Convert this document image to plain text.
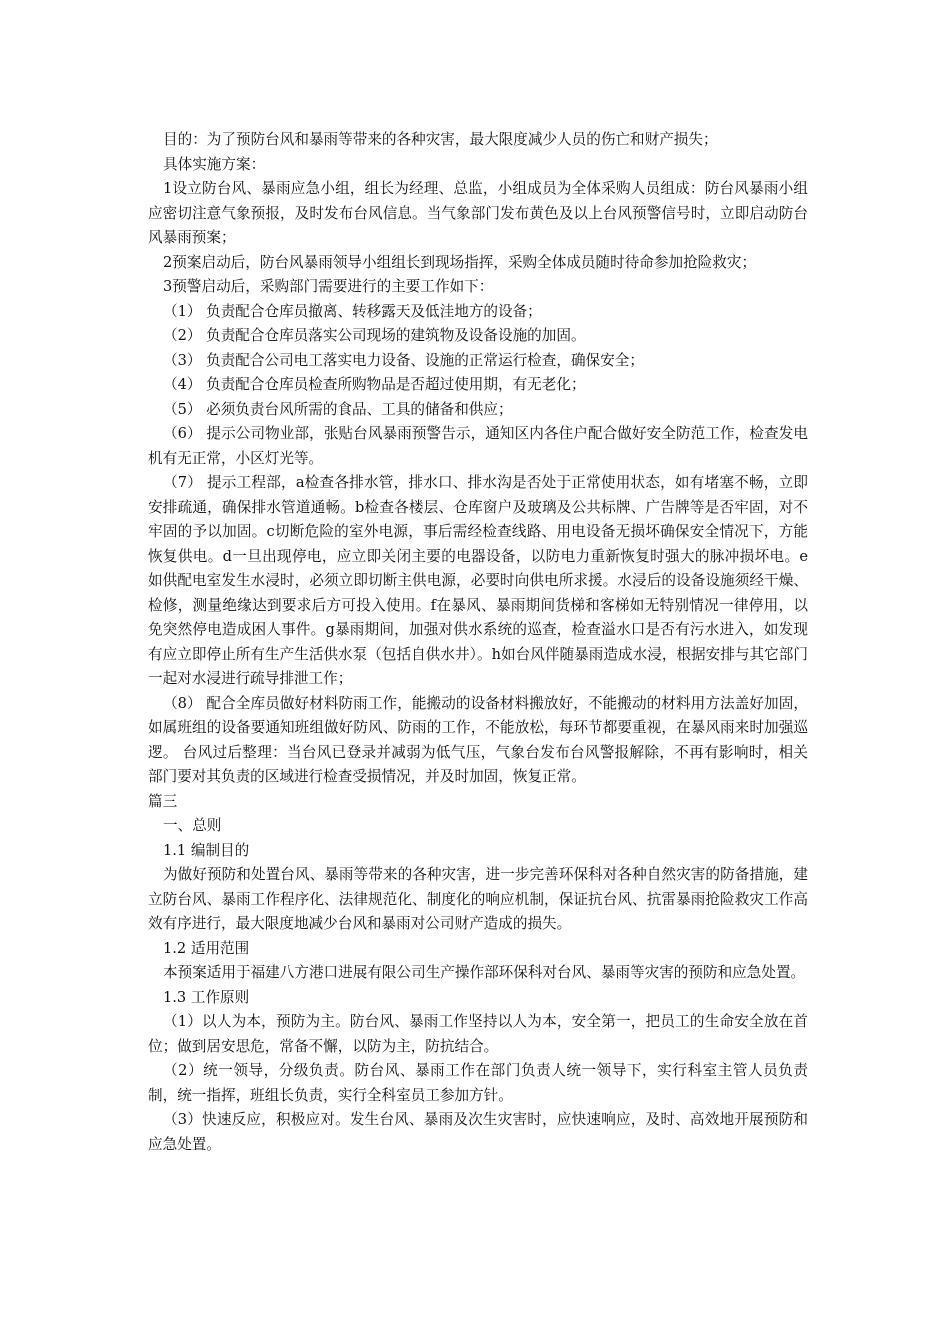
目的：为了预防台风和暴雨等带来的各种灾害，最大限度减少人员的伤亡和财产损失；

具体实施方案：

1设立防台风、暴雨应急小组，组长为经理、总监，小组成员为全体采购人员组成：防台风暴雨小组应密切注意气象预报，及时发布台风信息。当气象部门发布黄色及以上台风预警信号时，立即启动防台风暴雨预案；

2预案启动后，防台风暴雨领导小组组长到现场指挥，采购全体成员随时待命参加抢险救灾；

3预警启动后，采购部门需要进行的主要工作如下：

（1） 负责配合仓库员撤离、转移露天及低洼地方的设备；

（2） 负责配合仓库员落实公司现场的建筑物及设备设施的加固。

（3） 负责配合公司电工落实电力设备、设施的正常运行检查，确保安全；

（4） 负责配合仓库员检查所购物品是否超过使用期，有无老化；

（5） 必须负责台风所需的食品、工具的储备和供应；

（6） 提示公司物业部，张贴台风暴雨预警告示，通知区内各住户配合做好安全防范工作，检查发电机有无正常，小区灯光等。

（7） 提示工程部，a检查各排水管，排水口、排水沟是否处于正常使用状态，如有堵塞不畅，立即安排疏通，确保排水管道通畅。b检查各楼层、仓库窗户及玻璃及公共标牌、广告牌等是否牢固，对不牢固的予以加固。c切断危险的室外电源，事后需经检查线路、用电设备无损坏确保安全情况下，方能恢复供电。d一旦出现停电，应立即关闭主要的电器设备，以防电力重新恢复时强大的脉冲损坏电。e如供配电室发生水浸时，必须立即切断主供电源，必要时向供电所求援。水浸后的设备设施须经干燥、检修，测量绝缘达到要求后方可投入使用。f在暴风、暴雨期间货梯和客梯如无特别情况一律停用，以免突然停电造成困人事件。g暴雨期间，加强对供水系统的巡查，检查溢水口是否有污水进入，如发现有应立即停止所有生产生活供水泵（包括自供水井）。h如台风伴随暴雨造成水浸，根据安排与其它部门一起对水浸进行疏导排泄工作；

（8） 配合全库员做好材料防雨工作，能搬动的设备材料搬放好，不能搬动的材料用方法盖好加固，如属班组的设备要通知班组做好防风、防雨的工作，不能放松，每环节都要重视，在暴风雨来时加强巡逻。 台风过后整理：当台风已登录并减弱为低气压，气象台发布台风警报解除，不再有影响时，相关部门要对其负责的区域进行检查受损情况，并及时加固，恢复正常。

篇三

一、总则

1.1 编制目的

为做好预防和处置台风、暴雨等带来的各种灾害，进一步完善环保科对各种自然灾害的防备措施，建立防台风、暴雨工作程序化、法律规范化、制度化的响应机制，保证抗台风、抗雷暴雨抢险救灾工作高效有序进行，最大限度地减少台风和暴雨对公司财产造成的损失。

1.2 适用范围

本预案适用于福建八方港口进展有限公司生产操作部环保科对台风、暴雨等灾害的预防和应急处置。

1.3 工作原则

（1）以人为本，预防为主。防台风、暴雨工作坚持以人为本，安全第一，把员工的生命安全放在首位；做到居安思危，常备不懈，以防为主，防抗结合。

（2）统一领导，分级负责。防台风、暴雨工作在部门负责人统一领导下，实行科室主管人员负责制，统一指挥，班组长负责，实行全科室员工参加方针。

（3）快速反应，积极应对。发生台风、暴雨及次生灾害时，应快速响应，及时、高效地开展预防和应急处置。
